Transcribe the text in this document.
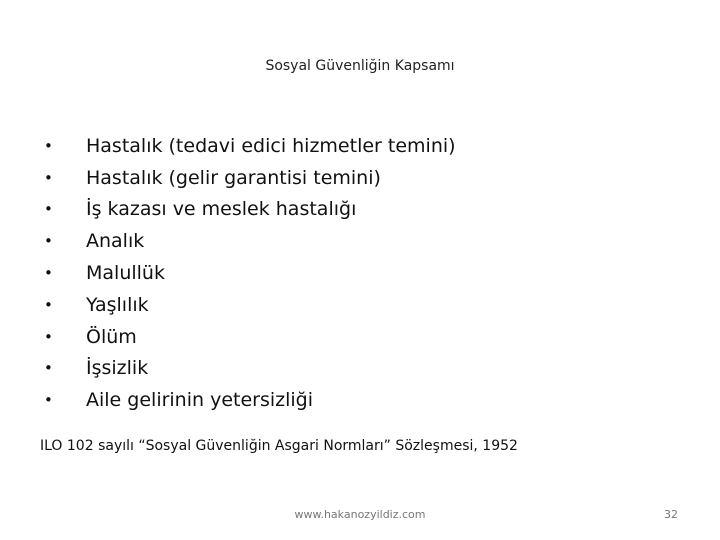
Sosyal Güvenliğin Kapsamı
•	Hastalık (tedavi edici hizmetler temini)
•	Hastalık (gelir garantisi temini)
•	İş kazası ve meslek hastalığı
•	Analık
•	Malullük
•	Yaşlılık
•	Ölüm
•	İşsizlik
•	Aile gelirinin yetersizliği
ILO 102 sayılı “Sosyal Güvenliğin Asgari Normları” Sözleşmesi, 1952
www.hakanozyildiz.com	32
